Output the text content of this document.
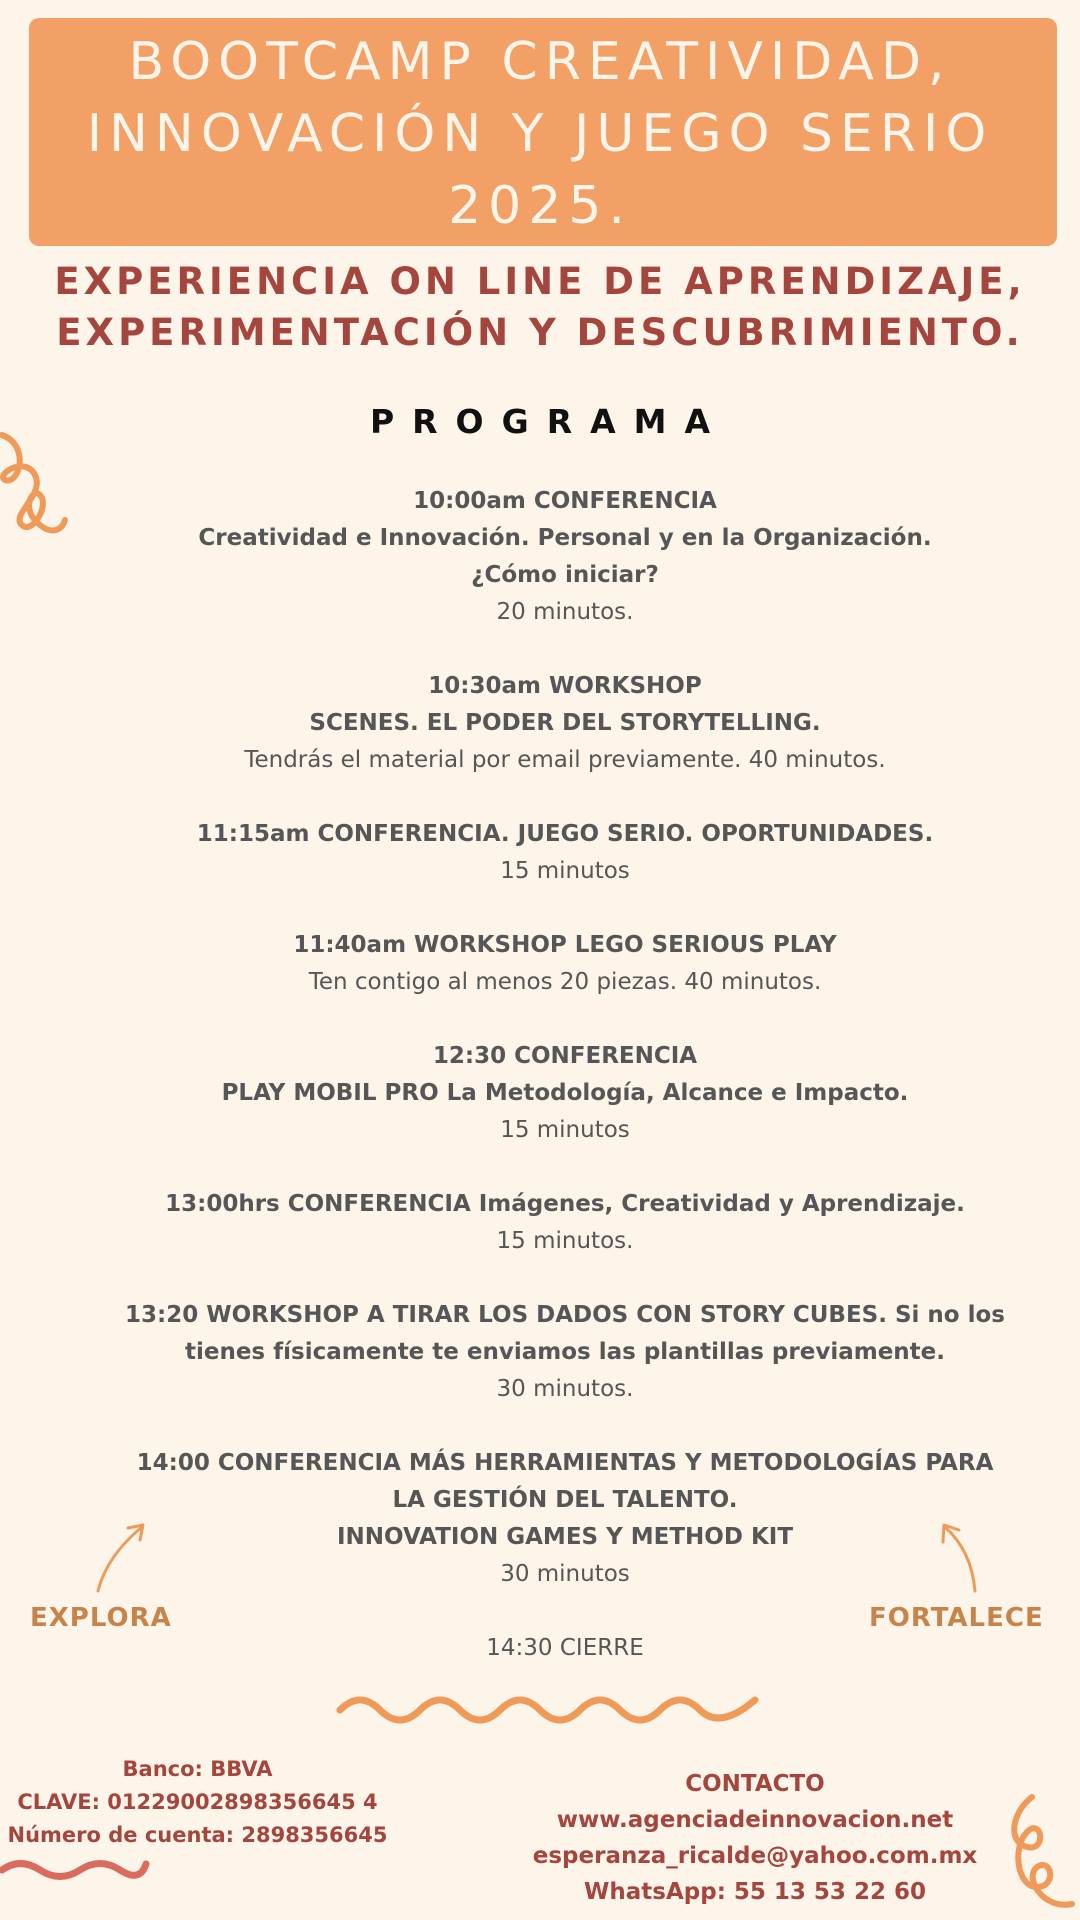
BOOTCAMP CREATIVIDAD,
INNOVACIÓN Y JUEGO SERIO
2025.
EXPERIENCIA ON LINE DE APRENDIZAJE,
EXPERIMENTACIÓN Y DESCUBRIMIENTO.
PROGRAMA
10:00am CONFERENCIA
Creatividad e Innovación. Personal y en la Organización.
¿Cómo iniciar?
20 minutos.
10:30am WORKSHOP
SCENES. EL PODER DEL STORYTELLING.
Tendrás el material por email previamente. 40 minutos.
11:15am CONFERENCIA. JUEGO SERIO. OPORTUNIDADES.
15 minutos
11:40am WORKSHOP LEGO SERIOUS PLAY
Ten contigo al menos 20 piezas. 40 minutos.
12:30 CONFERENCIA
PLAY MOBIL PRO La Metodología, Alcance e Impacto.
15 minutos
13:00hrs CONFERENCIA Imágenes, Creatividad y Aprendizaje.
15 minutos.
13:20 WORKSHOP A TIRAR LOS DADOS CON STORY CUBES. Si no los
tienes físicamente te enviamos las plantillas previamente.
30 minutos.
14:00 CONFERENCIA MÁS HERRAMIENTAS Y METODOLOGÍAS PARA
LA GESTIÓN DEL TALENTO.
INNOVATION GAMES Y METHOD KIT
30 minutos
14:30 CIERRE
EXPLORA	FORTALECE
Banco: BBVA
CLAVE: 01229002898356645 4
Número de cuenta: 2898356645
CONTACTO
www.agenciadeinnovacion.net
esperanza_ricalde@yahoo.com.mx
WhatsApp: 55 13 53 22 60
